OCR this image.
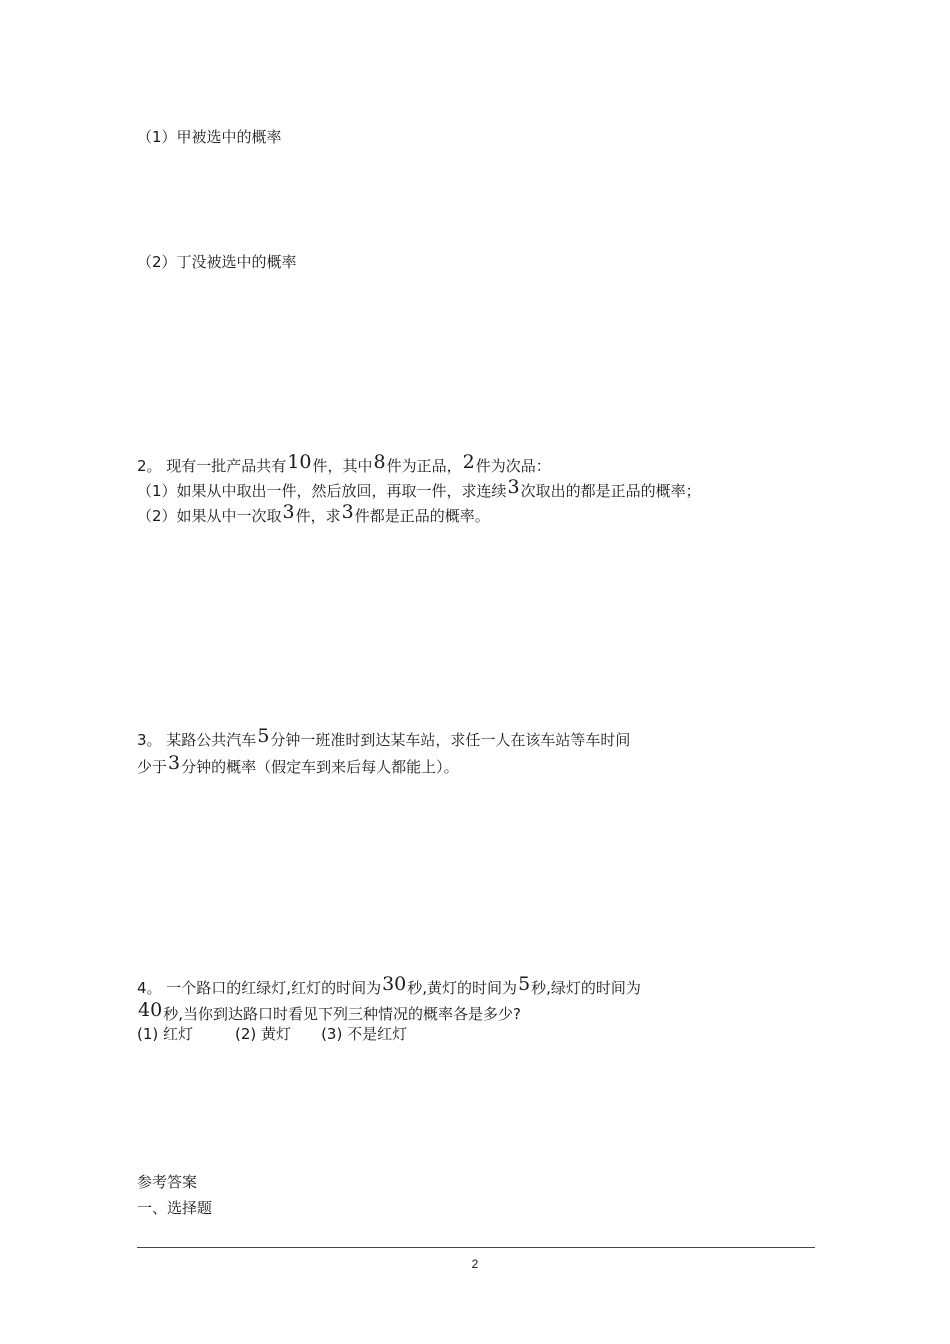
（1）甲被选中的概率
（2）丁没被选中的概率
2。 现有一批产品共有10件，其中8件为正品，2件为次品：
（1）如果从中取出一件，然后放回，再取一件，求连续3次取出的都是正品的概率；
（2）如果从中一次取3件，求3件都是正品的概率。
3。 某路公共汽车5分钟一班准时到达某车站，求任一人在该车站等车时间
少于3分钟的概率（假定车到来后每人都能上）。
4。 一个路口的红绿灯,红灯的时间为30秒,黄灯的时间为5秒,绿灯的时间为
40秒,当你到达路口时看见下列三种情况的概率各是多少?
(1) 红灯	(2) 黄灯 (3) 不是红灯
参考答案
一、选择题
2
